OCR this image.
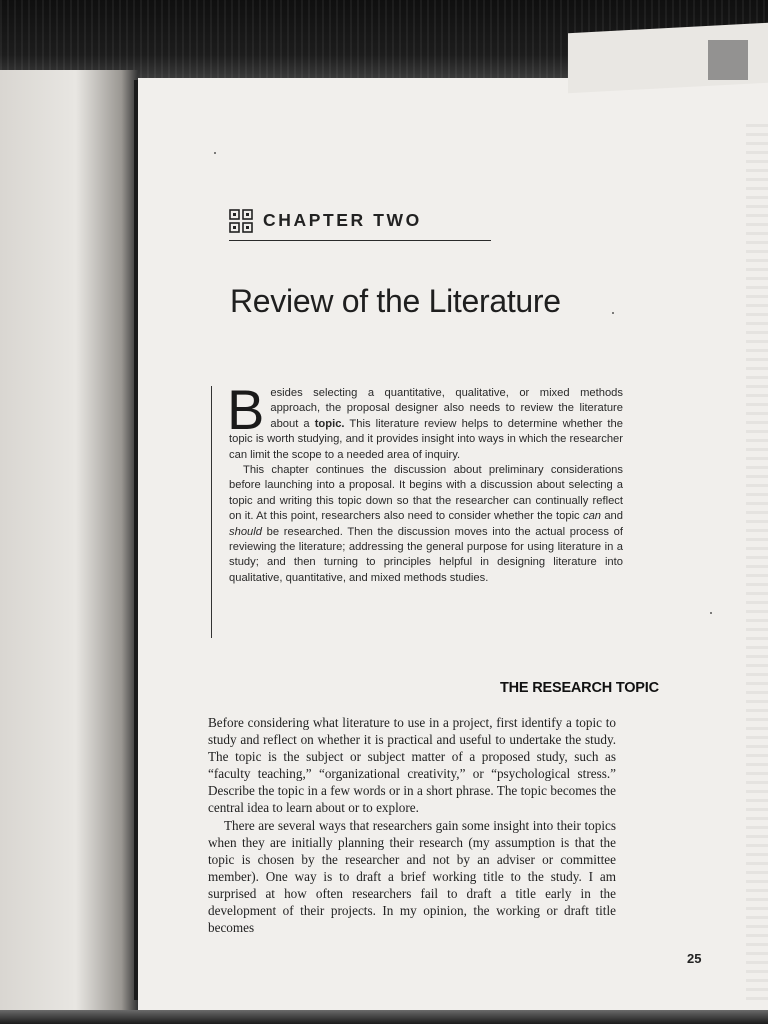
CHAPTER TWO
Review of the Literature

Besides selecting a quantitative, qualitative, or mixed methods approach, the proposal designer also needs to review the literature about a topic. This literature review helps to determine whether the topic is worth studying, and it provides insight into ways in which the researcher can limit the scope to a needed area of inquiry.

This chapter continues the discussion about preliminary considerations before launching into a proposal. It begins with a discussion about selecting a topic and writing this topic down so that the researcher can continually reflect on it. At this point, researchers also need to consider whether the topic can and should be researched. Then the discussion moves into the actual process of reviewing the literature; addressing the general purpose for using literature in a study; and then turning to principles helpful in designing literature into qualitative, quantitative, and mixed methods studies.

THE RESEARCH TOPIC

Before considering what literature to use in a project, first identify a topic to study and reflect on whether it is practical and useful to undertake the study. The topic is the subject or subject matter of a proposed study, such as “faculty teaching,” “organizational creativity,” or “psychological stress.” Describe the topic in a few words or in a short phrase. The topic becomes the central idea to learn about or to explore.

There are several ways that researchers gain some insight into their topics when they are initially planning their research (my assumption is that the topic is chosen by the researcher and not by an adviser or committee member). One way is to draft a brief working title to the study. I am surprised at how often researchers fail to draft a title early in the development of their projects. In my opinion, the working or draft title becomes

25
